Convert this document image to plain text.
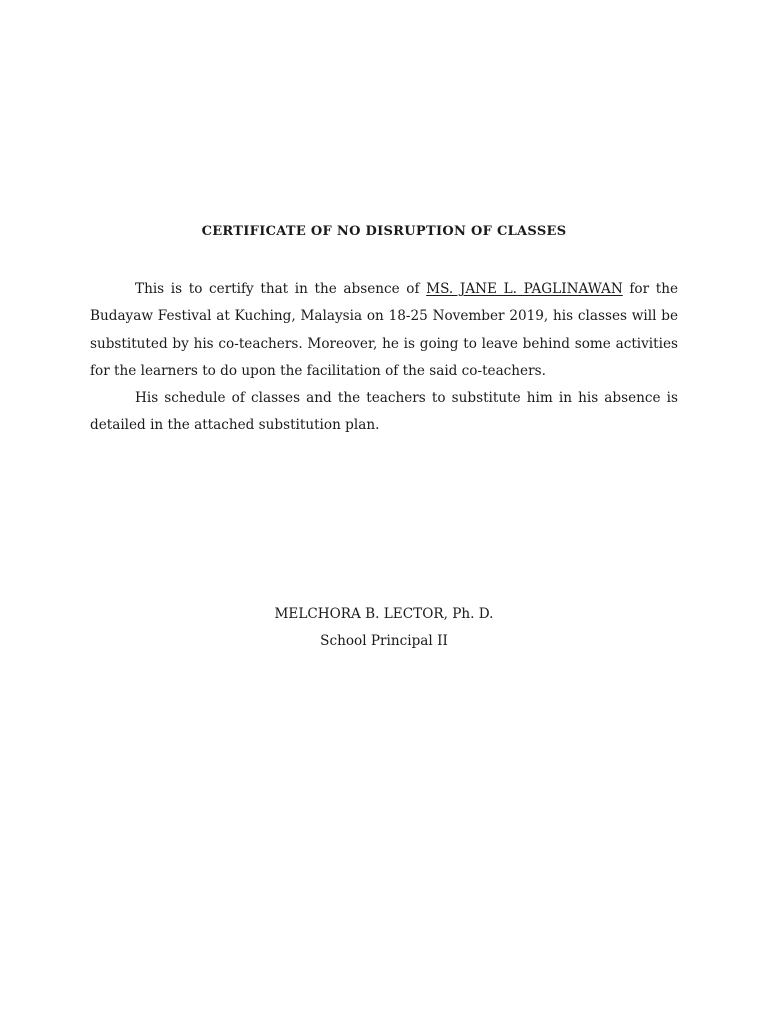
CERTIFICATE OF NO DISRUPTION OF CLASSES

This is to certify that in the absence of MS. JANE L. PAGLINAWAN for the Budayaw Festival at Kuching, Malaysia on 18-25 November 2019, his classes will be substituted by his co-teachers. Moreover, he is going to leave behind some activities for the learners to do upon the facilitation of the said co-teachers.

His schedule of classes and the teachers to substitute him in his absence is detailed in the attached substitution plan.

MELCHORA B. LECTOR, Ph. D.
School Principal II
